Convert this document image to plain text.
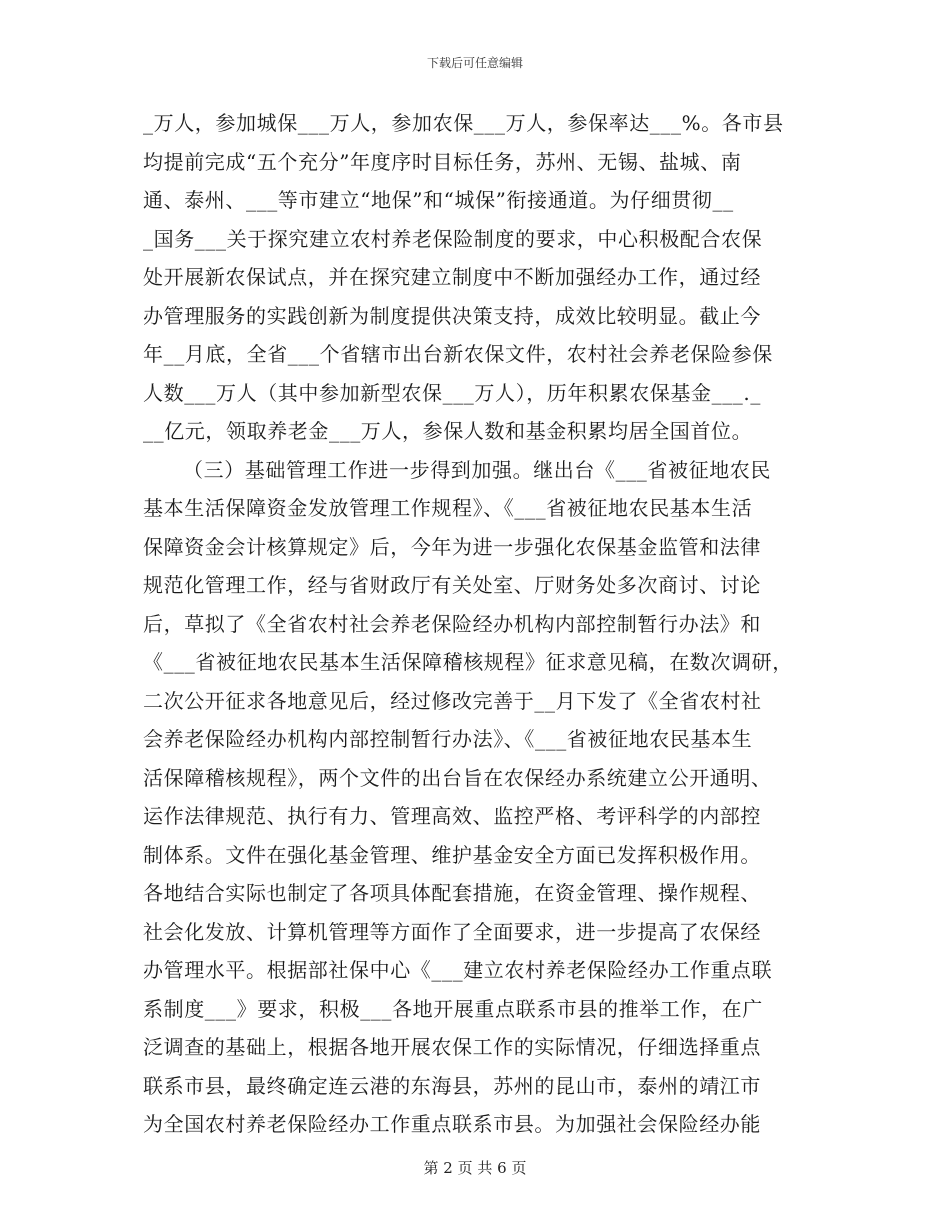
下载后可任意编辑
_万人，参加城保___万人，参加农保___万人，参保率达___%。各市县
均提前完成“五个充分”年度序时目标任务，苏州、无锡、盐城、南
通、泰州、___等市建立“地保”和“城保”衔接通道。为仔细贯彻__
_国务___关于探究建立农村养老保险制度的要求，中心积极配合农保
处开展新农保试点，并在探究建立制度中不断加强经办工作，通过经
办管理服务的实践创新为制度提供决策支持，成效比较明显。截止今
年__月底，全省___个省辖市出台新农保文件，农村社会养老保险参保
人数___万人（其中参加新型农保___万人），历年积累农保基金___._
__亿元，领取养老金___万人，参保人数和基金积累均居全国首位。
（三）基础管理工作进一步得到加强。继出台《___省被征地农民
基本生活保障资金发放管理工作规程》、《___省被征地农民基本生活
保障资金会计核算规定》后，今年为进一步强化农保基金监管和法律
规范化管理工作，经与省财政厅有关处室、厅财务处多次商讨、讨论
后，草拟了《全省农村社会养老保险经办机构内部控制暂行办法》和
《___省被征地农民基本生活保障稽核规程》征求意见稿，在数次调研，
二次公开征求各地意见后，经过修改完善于__月下发了《全省农村社
会养老保险经办机构内部控制暂行办法》、《___省被征地农民基本生
活保障稽核规程》，两个文件的出台旨在农保经办系统建立公开通明、
运作法律规范、执行有力、管理高效、监控严格、考评科学的内部控
制体系。文件在强化基金管理、维护基金安全方面已发挥积极作用。
各地结合实际也制定了各项具体配套措施，在资金管理、操作规程、
社会化发放、计算机管理等方面作了全面要求，进一步提高了农保经
办管理水平。根据部社保中心《___建立农村养老保险经办工作重点联
系制度___》要求，积极___各地开展重点联系市县的推举工作，在广
泛调查的基础上，根据各地开展农保工作的实际情况，仔细选择重点
联系市县，最终确定连云港的东海县，苏州的昆山市，泰州的靖江市
为全国农村养老保险经办工作重点联系市县。为加强社会保险经办能
第 2 页 共 6 页
